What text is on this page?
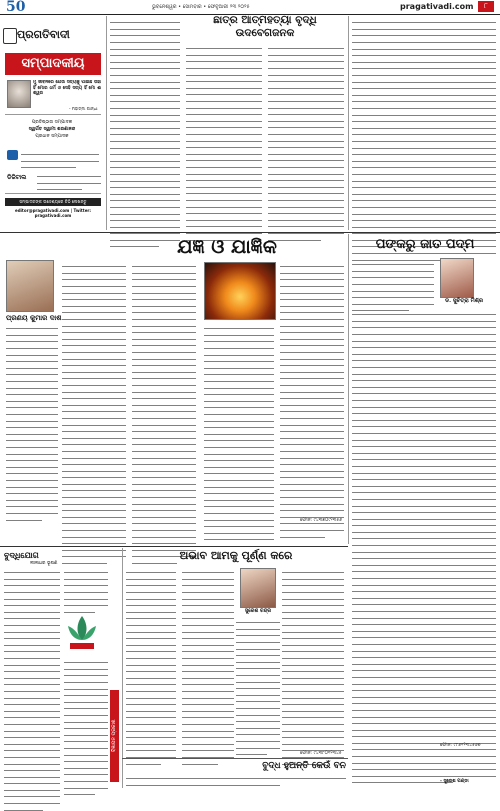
50	ଭୁବନେଶ୍ୱର • ସୋମବାର • ଫେବୃଆରୀ ୨୩ ୨୦୨୫	pragativadi.com	୮
ପ୍ରଗତିବାଦୀ
ସମ୍ପାଦକୀୟ
ମୁଁ ଜୀବନରେ ଯେଉଁ ସତ୍ୟକୁ ପାଇଛି ତାହା ହିଁ ମୋର ଧର୍ମ ଓ ସେହି ସତ୍ୟ ହିଁ ମୋ ଈଶ୍ୱର
- ମହାତ୍ମା ଗାନ୍ଧୀ
ପ୍ରତିଷ୍ଠାତା ସମ୍ପାଦକ
ସ୍ୱର୍ଗତ ସ୍ୱାମୀ ଶରଣାନନ୍ଦ
ପ୍ରଧାନ ସମ୍ପାଦକ
ଡିଜିଟାଲ
ସମ୍ପାଦକଙ୍କ ଉଦ୍ଦେଶ୍ୟରେ ଚିଠି ଲେଖନ୍ତୁ
editor@pragativadi.com | Twitter: pragativadi.com
ଛାତ୍ର ଆତ୍ମହତ୍ୟା ବୃଦ୍ଧି ଉଦବେଗଜନକ
ଯଜ୍ଞ ଓ ଯାଜ୍ଞିକ
ପ୍ରଣୟ କୁମାର ଦାଶ
ଫୋନ: ୯୪୩୭୦୯୨୩୫୬
ପଙ୍କରୁ ଜାତ ପଦ୍ମ
ଡ. ସୁଚିତ୍ରା ମିଶ୍ର
ଫୋନ: ୯୮୬୧୨୩୪୫୬୭
ବୁଦ୍ଧିଯୋଗ
ଲୀଳାଧର ଭୂଷଣ
ବିଜ୍ଞାପନ ପ୍ରକାଶ
ଅଭାବ ଆମକୁ ପୂର୍ଣ୍ଣ କରେ
ସୁରେଶ ଚନ୍ଦ୍ର
ଫୋନ: ୯୪୩୮୦୧୨୩୪୫
ବୁଦ୍ଧ ହୁଅନ୍ତି କେଉଁ ବନ
- ସୁରେଶ ପଣ୍ଡା
